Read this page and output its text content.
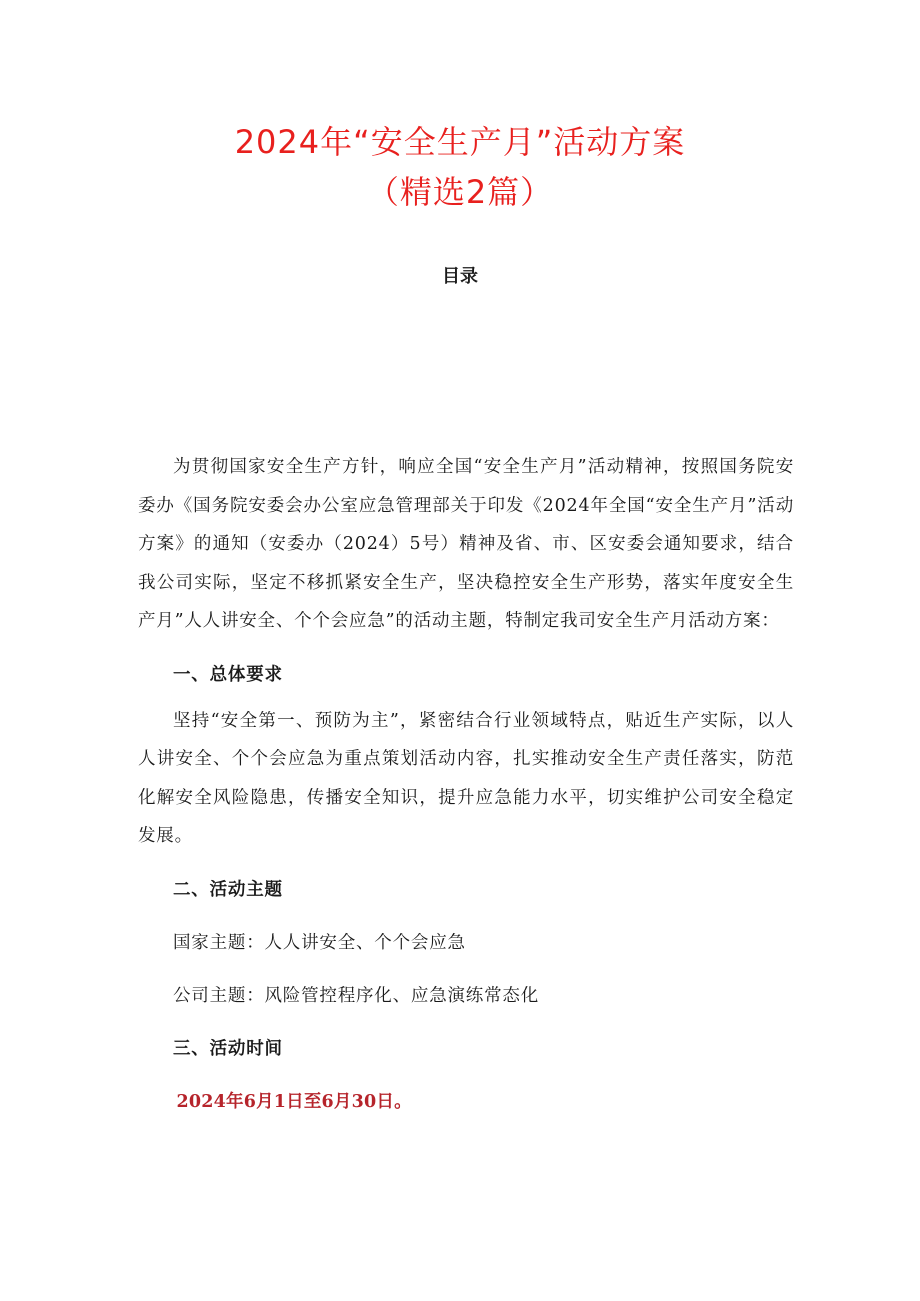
2024年“安全生产月”活动方案
（精选2篇）
目录

为贯彻国家安全生产方针，响应全国“安全生产月”活动精神，按照国务院安委办《国务院安委会办公室应急管理部关于印发《2024年全国“安全生产月”活动方案》的通知（安委办（2024）5号）精神及省、市、区安委会通知要求，结合我公司实际，坚定不移抓紧安全生产，坚决稳控安全生产形势，落实年度安全生产月”人人讲安全、个个会应急”的活动主题，特制定我司安全生产月活动方案：

一、总体要求

坚持“安全第一、预防为主”，紧密结合行业领域特点，贴近生产实际，以人人讲安全、个个会应急为重点策划活动内容，扎实推动安全生产责任落实，防范化解安全风险隐患，传播安全知识，提升应急能力水平，切实维护公司安全稳定发展。

二、活动主题

国家主题：人人讲安全、个个会应急

公司主题：风险管控程序化、应急演练常态化

三、活动时间

2024年6月1日至6月30日。
